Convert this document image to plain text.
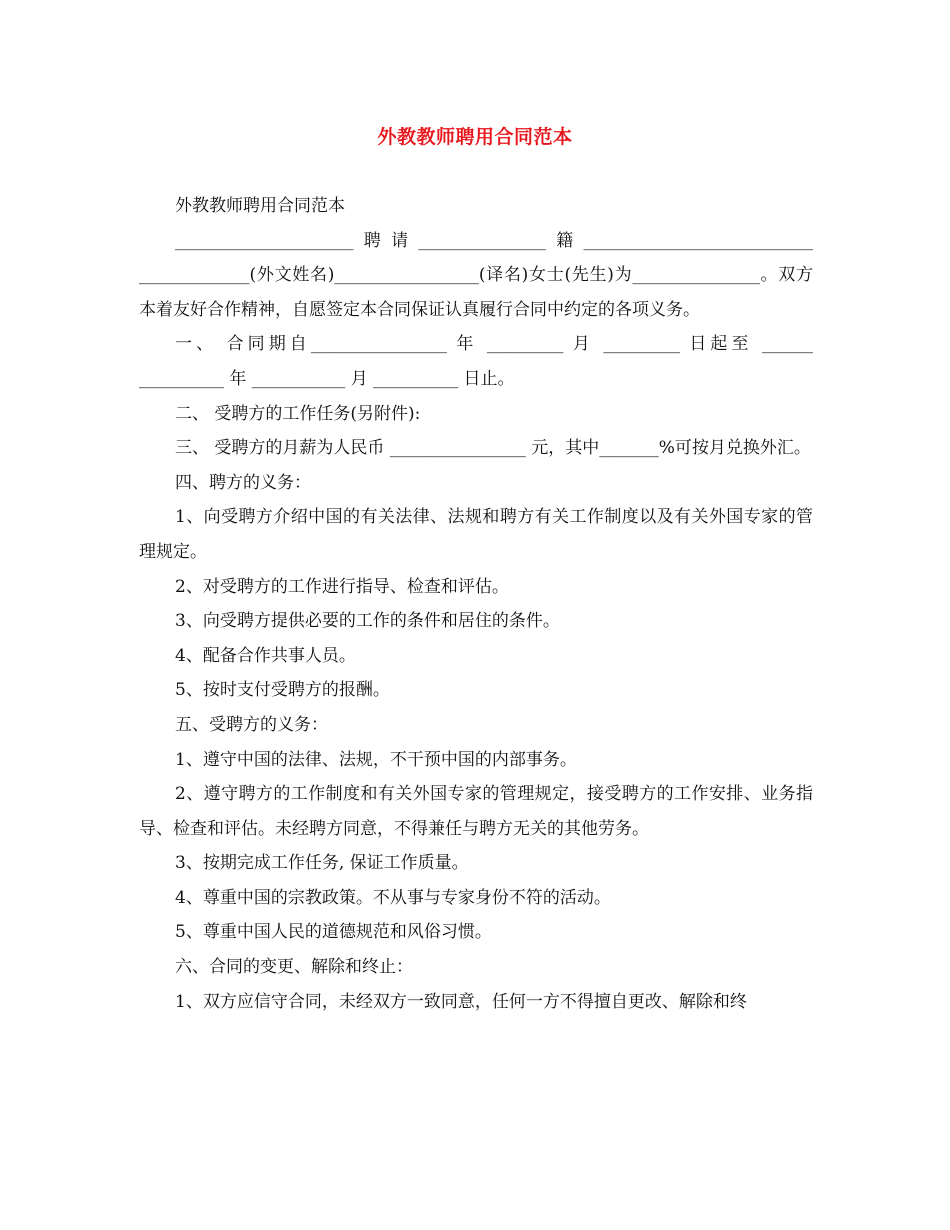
外教教师聘用合同范本

外教教师聘用合同范本

_____________________聘请_______________籍___________________________ _____________(外文姓名)_________________(译名)女士(先生)为_______________。双方本着友好合作精神，自愿签定本合同保证认真履行合同中约定的各项义务。

一、 合同期自________________ 年 _________ 月 _________ 日起至 ______ __________ 年 ___________ 月 __________ 日止。

二、 受聘方的工作任务(另附件):

三、 受聘方的月薪为人民币 ________________ 元，其中_______%可按月兑换外汇。

四、聘方的义务：

1、向受聘方介绍中国的有关法律、法规和聘方有关工作制度以及有关外国专家的管理规定。

2、对受聘方的工作进行指导、检查和评估。

3、向受聘方提供必要的工作的条件和居住的条件。

4、配备合作共事人员。

5、按时支付受聘方的报酬。

五、受聘方的义务：

1、遵守中国的法律、法规，不干预中国的内部事务。

2、遵守聘方的工作制度和有关外国专家的管理规定，接受聘方的工作安排、业务指导、检查和评估。未经聘方同意，不得兼任与聘方无关的其他劳务。

3、按期完成工作任务, 保证工作质量。

4、尊重中国的宗教政策。不从事与专家身份不符的活动。

5、尊重中国人民的道德规范和风俗习惯。

六、合同的变更、解除和终止：

1、双方应信守合同，未经双方一致同意，任何一方不得擅自更改、解除和终
